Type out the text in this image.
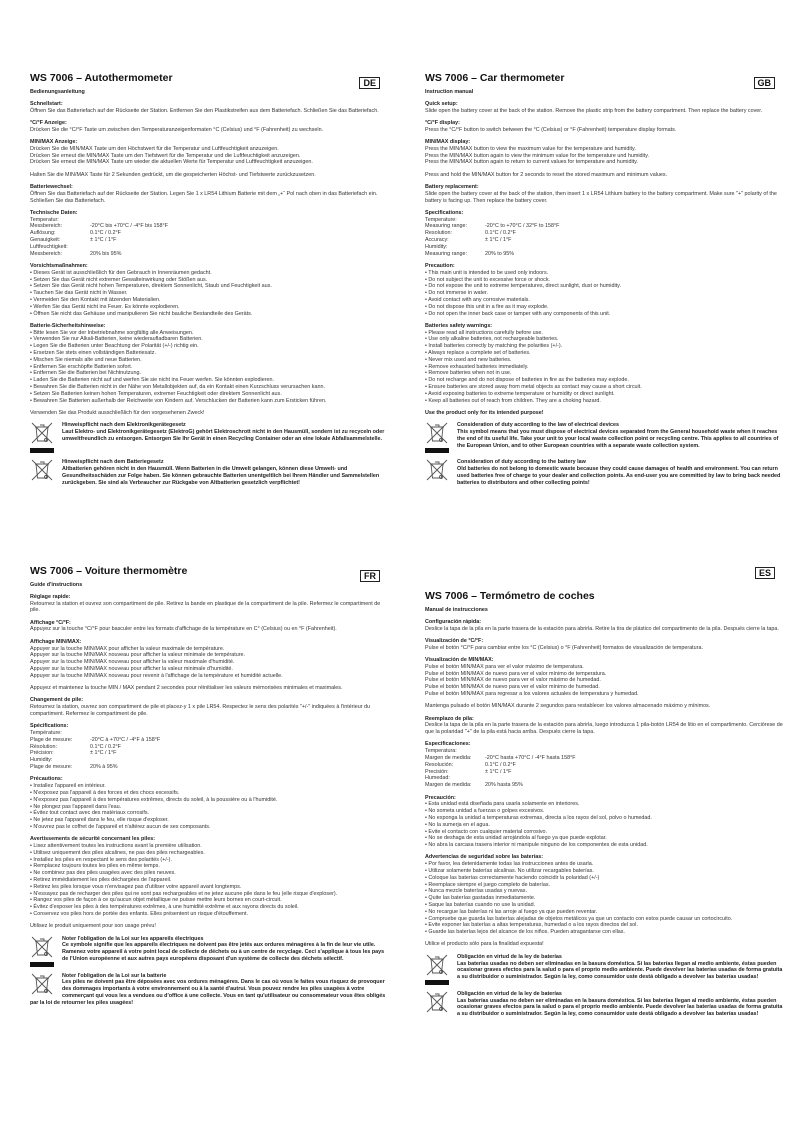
WS 7006 – Autothermometer	DE
Bedienungsanleitung
Schnellstart:
Öffnen Sie das Batteriefach auf der Rückseite der Station. Entfernen Sie den Plastikstreifen aus dem Batteriefach. Schließen Sie das Batteriefach.
°C/°F Anzeige:
Drücken Sie die °C/°F Taste um zwischen den Temperaturanzeigenformaten °C (Celsius) und °F (Fahrenheit) zu wechseln.
MIN/MAX Anzeige:
Drücken Sie die MIN/MAX Taste um den Höchstwert für die Temperatur und Luftfeuchtigkeit anzuzeigen.
Drücken Sie erneut die MIN/MAX Taste um den Tiefstwert für die Temperatur und die Luftfeuchtigkeit anzuzeigen.
Drücken Sie erneut die MIN/MAX Taste um wieder die aktuellen Werte für Temperatur und Luftfeuchtigkeit anzuzeigen.
Halten Sie die MIN/MAX Taste für 2 Sekunden gedrückt, um die gespeicherten Höchst- und Tiefstwerte zurückzusetzen.
Batteriewechsel:
Öffnen Sie das Batteriefach auf der Rückseite der Station. Legen Sie 1 x LR54 Lithium Batterie mit dem „+“ Pol nach oben in das Batteriefach ein. Schließen Sie das Batteriefach.
Technische Daten:
Temperatur:
Messbereich:	-20°C bis +70°C / -4°F bis 158°F
Auflösung:	0.1°C / 0.2°F
Genauigkeit:	± 1°C / 1°F
Luftfeuchtigkeit:
Messbereich:	20% bis 95%
Vorsichtsmaßnahmen:
• Dieses Gerät ist ausschließlich für den Gebrauch in Innenräumen gedacht.
• Setzen Sie das Gerät nicht extremer Gewalteinwirkung oder Stößen aus.
• Setzen Sie das Gerät nicht hohen Temperaturen, direktem Sonnenlicht, Staub und Feuchtigkeit aus.
• Tauchen Sie das Gerät nicht in Wasser.
• Vermeiden Sie den Kontakt mit ätzenden Materialien.
• Werfen Sie das Gerät nicht ins Feuer. Es könnte explodieren.
• Öffnen Sie nicht das Gehäuse und manipulieren Sie nicht bauliche Bestandteile des Geräts.
Batterie-Sicherheitshinweise:
• Bitte lesen Sie vor der Inbetriebnahme sorgfältig alle Anweisungen.
• Verwenden Sie nur Alkali-Batterien, keine wiederaufladbaren Batterien.
• Legen Sie die Batterien unter Beachtung der Polarität (+/-) richtig ein.
• Ersetzen Sie stets einen vollständigen Batteriesatz.
• Mischen Sie niemals alte und neue Batterien.
• Entfernen Sie erschöpfte Batterien sofort.
• Entfernen Sie die Batterien bei Nichtnutzung.
• Laden Sie die Batterien nicht auf und werfen Sie sie nicht ins Feuer werfen. Sie könnten explodieren.
• Bewahren Sie die Batterien nicht in der Nähe von Metallobjekten auf, da ein Kontakt einen Kurzschluss verursachen kann.
• Setzen Sie Batterien keinen hohen Temperaturen, extremer Feuchtigkeit oder direktem Sonnenlicht aus.
• Bewahren Sie Batterien außerhalb der Reichweite von Kindern auf. Verschlucken der Batterien kann zum Ersticken führen.
Verwenden Sie das Produkt ausschließlich für den vorgesehenen Zweck!
Hinweispflicht nach dem Elektronikgerätegesetz
Laut Elektro- und Elektronikgerätegesetz (ElektroG) gehört Elektroschrott nicht in den Hausmüll, sondern ist zu recyceln oder umweltfreundlich zu entsorgen. Entsorgen Sie Ihr Gerät in einen Recycling Container oder an eine lokale Abfallsammelstelle.
Hinweispflicht nach dem Batteriegesetz
Altbatterien gehören nicht in den Hausmüll. Wenn Batterien in die Umwelt gelangen, können diese Umwelt- und Gesundheitsschäden zur Folge haben. Sie können gebrauchte Batterien unentgeltlich bei Ihrem Händler und Sammelstellen zurückgeben. Sie sind als Verbraucher zur Rückgabe von Altbatterien gesetzlich verpflichtet!
WS 7006 – Car thermometer	GB
Instruction manual
Quick setup:
Slide open the battery cover at the back of the station. Remove the plastic strip from the battery compartment. Then replace the battery cover.
°C/°F display:
Press the °C/°F button to switch between the °C (Celsius) or °F (Fahrenheit) temperature display formats.
MIN/MAX display:
Press the MIN/MAX button to view the maximum value for the temperature and humidity.
Press the MIN/MAX button again to view the minimum value for the temperature und humidity.
Press the MIN/MAX button again to return to current values for temperature and humidity.
Press and hold the MIN/MAX button for 2 seconds to reset the stored maximum and minimum values.
Battery replacement:
Slide open the battery cover at the back of the station, then insert 1 x LR54 Lithium battery to the battery compartment. Make sure "+" polarity of the battery is facing up. Then replace the battery cover.
Specifications:
Temperature:
Measuring range:	-20°C to +70°C / 32°F to 158°F
Resolution:	0.1°C / 0.2°F
Accuracy:	± 1°C / 1°F
Humidity:
Measuring range:	20% to 95%
Precaution:
• This main unit is intended to be used only indoors.
• Do not subject the unit to excessive force or shock.
• Do not expose the unit to extreme temperatures, direct sunlight, dust or humidity.
• Do not immerse in water.
• Avoid contact with any corrosive materials.
• Do not dispose this unit in a fire as it may explode.
• Do not open the inner back case or tamper with any components of this unit.
Batteries safety warnings:
• Please read all instructions carefully before use.
• Use only alkaline batteries, not rechargeable batteries.
• Install batteries correctly by matching the polarities (+/-).
• Always replace a complete set of batteries.
• Never mix used and new batteries.
• Remove exhausted batteries immediately.
• Remove batteries when not in use.
• Do not recharge and do not dispose of batteries in fire as the batteries may explode.
• Ensure batteries are stored away from metal objects as contact may cause a short circuit.
• Avoid exposing batteries to extreme temperature or humidity or direct sunlight.
• Keep all batteries out of reach from children. They are a choking hazard.
Use the product only for its intended purpose!
Consideration of duty according to the law of electrical devices
This symbol means that you must dispose of electrical devices separated from the General household waste when it reaches the end of its useful life. Take your unit to your local waste collection point or recycling centre. This applies to all countries of the European Union, and to other European countries with a separate waste collection system.
Consideration of duty according to the battery law
Old batteries do not belong to domestic waste because they could cause damages of health and environment. You can return used batteries free of charge to your dealer and collection points. As end-user you are committed by law to bring back needed batteries to distributors and other collecting points!
WS 7006 – Voiture thermomètre	FR
Guide d'instructions
Réglage rapide:
Retournez la station et ouvrez son compartiment de pile. Retirez la bande en plastique de la compartiment de la pile. Refermez le compartiment de pile.
Affichage °C/°F:
Appuyez sur la touche °C/°F pour basculer entre les formats d'affichage de la température en C° (Celsius) ou en °F (Fahrenheit).
Affichage MIN/MAX:
Appuyer sur la touche MIN/MAX pour afficher la valeur maximale de température.
Appuyer sur la touche MIN/MAX nouveau pour afficher la valeur minimale de température.
Appuyer sur la touche MIN/MAX nouveau pour afficher la valeur maximale d'humidité.
Appuyer sur la touche MIN/MAX nouveau pour afficher la valeur minimale d'humidité.
Appuyer sur la touche MIN/MAX nouveau pour revenir à l'affichage de la température et humidité actuelle.
Appuyez et maintenez la touche MIN / MAX pendant 2 secondes pour réinitialiser les valeurs mémorisées minimales et maximales.
Changement de pile:
Retournez la station, ouvrez son compartiment de pile et placez-y 1 x pile LR54. Respectez le sens des polarités "+/-" indiquées à l'intérieur du compartiment. Refermez le compartiment de pile.
Spécifications:
Température:
Plage de mesure:	-20°C à +70°C / -4°F à 158°F
Résolution:	0.1°C / 0.2°F
Précision:	± 1°C / 1°F
Humidity:
Plage de mesure:	20% à 95%
Précautions:
• Installez l'appareil en intérieur.
• N'exposez pas l'appareil à des forces et des chocs excessifs.
• N'exposez pas l'appareil à des températures extrêmes, directs du soleil, à la poussière ou à l'humidité.
• Ne plongez pas l'appareil dans l'eau.
• Évitez tout contact avec des matériaux corrosifs.
• Ne jetez pas l'appareil dans le feu, elle risque d'exploser.
• N'ouvrez pas le coffret de l'appareil et n'altérez aucun de ses composants.
Avertissements de sécurité concernant les piles:
• Lisez attentivement toutes les instructions avant la première utilisation.
• Utilisez uniquement des piles alcalines, ne pas des piles rechargeables.
• Installez les piles en respectant le sens des polarités (+/-).
• Remplacez toujours toutes les piles en même temps.
• Ne combinez pas des piles usagées avec des piles neuves.
• Retirez immédiatement les piles déchargées de l'appareil.
• Retirez les piles lorsque vous n'envisagez pas d'utiliser votre appareil avant longtemps.
• N'essayez pas de recharger des piles qui ne sont pas rechargeables et ne jetez aucune pile dans le feu (elle risque d'exploser).
• Rangez vos piles de façon à ce qu'aucun objet métallique ne puisse mettre leurs bornes en court-circuit.
• Évitez d'exposer les piles à des températures extrêmes, à une humidité extrême et aux rayons directs du soleil.
• Conservez vos piles hors de portée des enfants. Elles présentent un risque d'étouffement.
Utilisez le produit uniquement pour son usage prévu!
Noter l'obligation de la Loi sur les appareils électriques
Ce symbole signifie que les appareils électriques ne doivent pas être jetés aux ordures ménagères à la fin de leur vie utile. Ramenez votre appareil à votre point local de collecte de déchets ou à un centre de recyclage. Ceci s'applique à tous les pays de l'Union européenne et aux autres pays européens disposant d'un système de collecte des déchets sélectif.
Noter l'obligation de la Loi sur la batterie
Les piles ne doivent pas être déposées avec vos ordures ménagères. Dans le cas où vous le faites vous risquez de provoquer des dommages importants à votre environnement ou à la santé d'autrui. Vous pouvez rendre les piles usagées à votre commerçant qui vous les a vendues ou d'office à une collecte. Vous en tant qu'utilisateur ou consommateur vous êtes obligés par la loi de retourner les piles usagées!
WS 7006 – Termómetro de coches
ES
Manual de instrucciones
Configuración rápida:
Deslice la tapa de la pila en la parte trasera de la estación para abrirla. Retire la tira de plástico del compartimento de la pila. Después cierre la tapa.
Visualización de °C/°F:
Pulse el botón °C/°F para cambiar entre los °C (Celsius) o °F (Fahrenheit) formatos de visualización de temperatura.
Visualización de MIN/MAX:
Pulse el botón MIN/MAX para ver el valor máximo de temperatura.
Pulse el botón MIN/MAX de nuevo para ver el valor mínimo de temperatura.
Pulse el botón MIN/MAX de nuevo para ver el valor máximo de humedad.
Pulse el botón MIN/MAX de nuevo para ver el valor mínimo de humedad.
Pulse el botón MIN/MAX para regresar a los valores actuales de temperatura y humedad.
Mantenga pulsado el botón MIN/MAX durante 2 segundos para restablecer los valores almacenado máximo y mínimos.
Reemplazo de pila:
Deslice la tapa de la pila en la parte trasera de la estación para abrirla, luego introduzca 1 pila-botón LR54 de litio en el compartimento. Cerciórese de que la polaridad "+" de la pila está hacia arriba. Después cierre la tapa.
Especificaciones:
Temperatura:
Margen de medida:	-20°C hasta +70°C / -4°F hasta 158°F
Resolución:	0.1°C / 0.2°F
Precisión:	± 1°C / 1°F
Humedad:
Margen de medida:	20% hasta 95%
Precaución:
• Esta unidad está diseñada para usarla solamente en interiores.
• No someta unidad a fuerzas o golpes excesivos.
• No exponga la unidad a temperaturas extremas, directa a los rayos del sol, polvo o humedad.
• No la sumerja en el agua.
• Evite el contacto con cualquier material corrosivo.
• No se deshaga de esta unidad arrojándola al fuego ya que puede explotar.
• No abra la carcasa trasera interior ni manipule ninguno de los componentes de esta unidad.
Advertencias de seguridad sobre las baterías:
• Por favor, lea detenidamente todas las instrucciones antes de usarla.
• Utilizar solamente baterías alcalinas. No utilizar recargables baterías.
• Coloque las baterías correctamente haciendo coincidir la polaridad (+/-)
• Reemplace siempre el juego completo de baterías.
• Nunca mezcle baterías usadas y nuevas.
• Quite las baterías gastadas inmediatamente.
• Saque las baterías cuando no use la unidad.
• No recargue las baterías ni las arroje al fuego ya que pueden reventar.
• Compruebe que guarda las baterías alejadas de objetos metálicos ya que un contacto con estos puede causar un cortocircuito.
• Evite exponer las baterías a altas temperaturas, humedad o a los rayos directos del sol.
• Guarde las baterías lejos del alcance de los niños. Pueden atragantarse con ellas.
Utilice el producto sólo para la finalidad expuesta!
Obligación en virtud de la ley de baterías
Las baterías usadas no deben ser eliminadas en la basura doméstica. Si las baterías llegan al medio ambiente, éstas pueden ocasionar graves efectos para la salud o para el proprio medio ambiente. Puede devolver las baterías usadas de forma gratuita a su distribuidor o suministrador. Según la ley, como consumidor uste destá obligado a devolver las baterías usadas!
Obligación en virtud de la ley de baterías
Las baterías usadas no deben ser eliminadas en la basura doméstica. Si las baterías llegan al medio ambiente, éstas pueden ocasionar graves efectos para la salud o para el proprio medio ambiente. Puede devolver las baterías usadas de forma gratuita a su distribuidor o suministrador. Según la ley, como consumidor uste destá obligado a devolver las baterías usadas!
